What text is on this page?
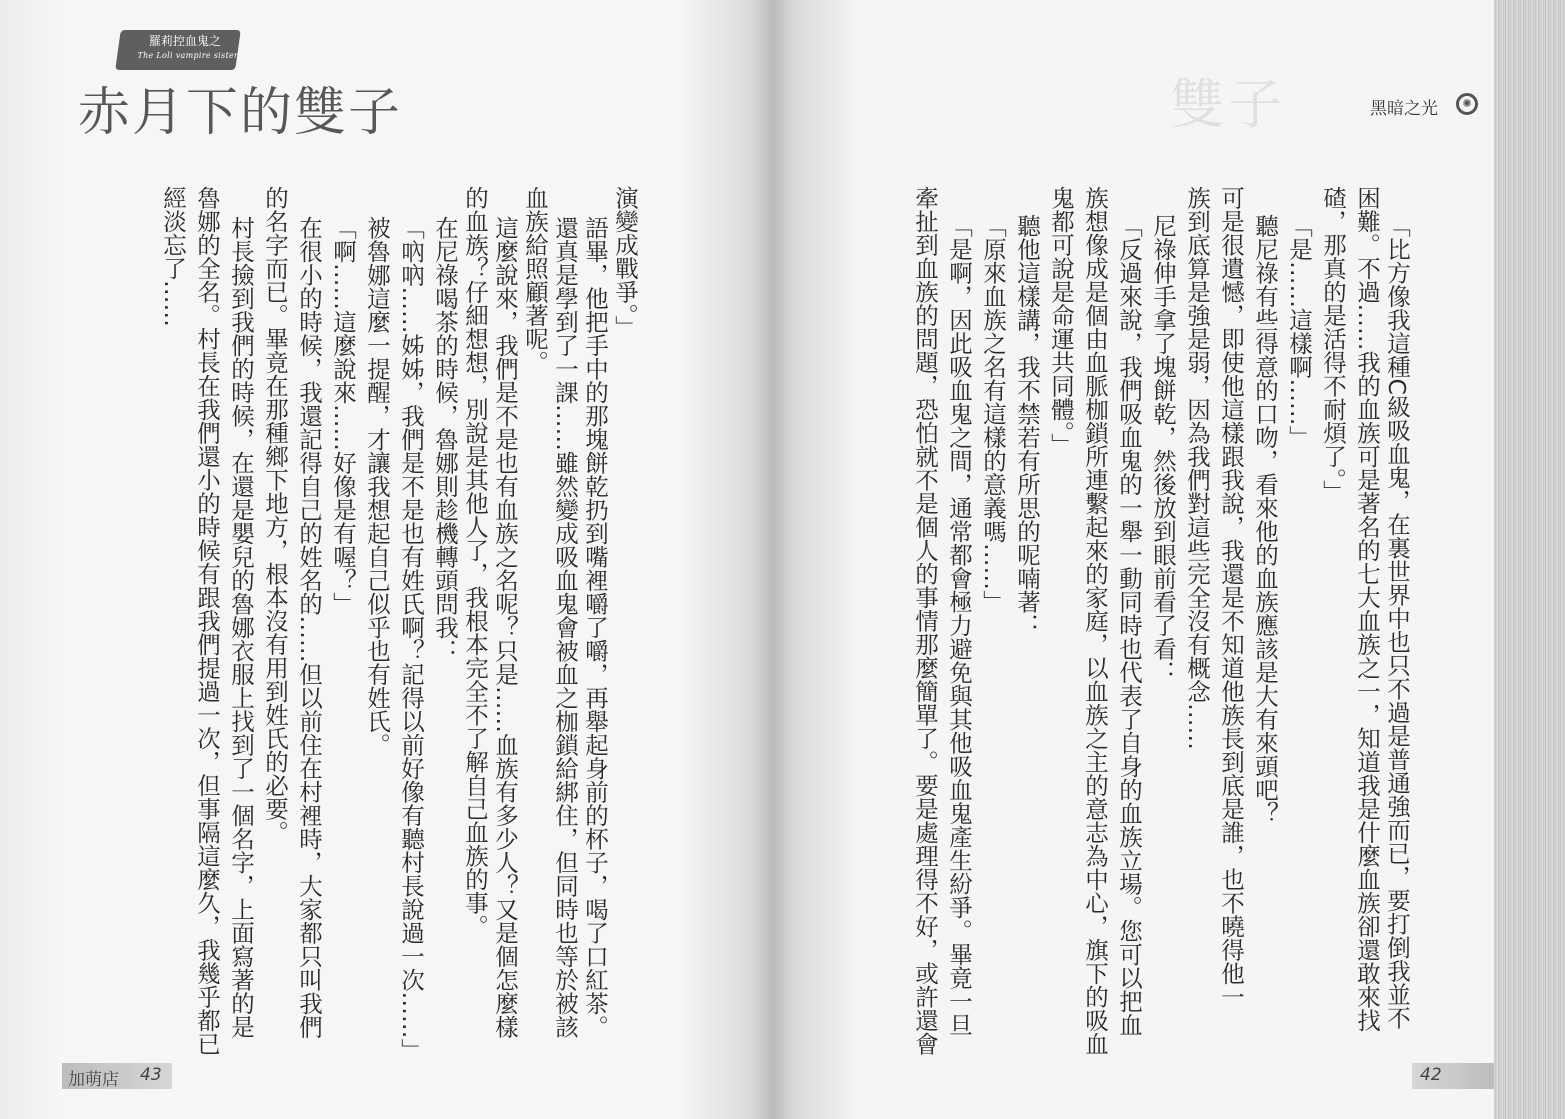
羅莉控血鬼之
The Loli vampire sisters
赤月下的雙子
演變成戰爭。」
語畢，他把手中的那塊餅乾扔到嘴裡嚼了嚼，再舉起身前的杯子，喝了口紅茶。
還真是學到了一課……雖然變成吸血鬼會被血之枷鎖給綁住，但同時也等於被該
血族給照顧著呢。
這麼說來，我們是不是也有血族之名呢？只是……血族有多少人？又是個怎麼樣
的血族？仔細想想，別說是其他人了，我根本完全不了解自己血族的事。
在尼祿喝茶的時候，魯娜則趁機轉頭問我：
「吶吶……姊姊，我們是不是也有姓氏啊？記得以前好像有聽村長說過一次……」
被魯娜這麼一提醒，才讓我想起自己似乎也有姓氏。
「啊……這麼說來……好像是有喔？」
在很小的時候，我還記得自己的姓名的……但以前住在村裡時，大家都只叫我們
的名字而已。畢竟在那種鄉下地方，根本沒有用到姓氏的必要。
村長撿到我們的時候，在還是嬰兒的魯娜衣服上找到了一個名字，上面寫著的是
魯娜的全名。村長在我們還小的時候有跟我們提過一次，但事隔這麼久，我幾乎都已
經淡忘了……
加萌店 43
雙子	黑暗之光	✺
「比方像我這種C級吸血鬼，在裏世界中也只不過是普通強而已，要打倒我並不
困難。不過……我的血族可是著名的七大血族之一，知道我是什麼血族卻還敢來找
碴，那真的是活得不耐煩了。」
「是……這樣啊……」
聽尼祿有些得意的口吻，看來他的血族應該是大有來頭吧？
可是很遺憾，即使他這樣跟我說，我還是不知道他族長到底是誰，也不曉得他一
族到底算是強是弱，因為我們對這些完全沒有概念……
尼祿伸手拿了塊餅乾，然後放到眼前看了看：
「反過來說，我們吸血鬼的一舉一動同時也代表了自身的血族立場。您可以把血
族想像成是個由血脈枷鎖所連繫起來的家庭，以血族之主的意志為中心，旗下的吸血
鬼都可說是命運共同體。」
聽他這樣講，我不禁若有所思的呢喃著：
「原來血族之名有這樣的意義嗎……」
「是啊，因此吸血鬼之間，通常都會極力避免與其他吸血鬼產生紛爭。畢竟一旦
牽扯到血族的問題，恐怕就不是個人的事情那麼簡單了。要是處理得不好，或許還會
42
